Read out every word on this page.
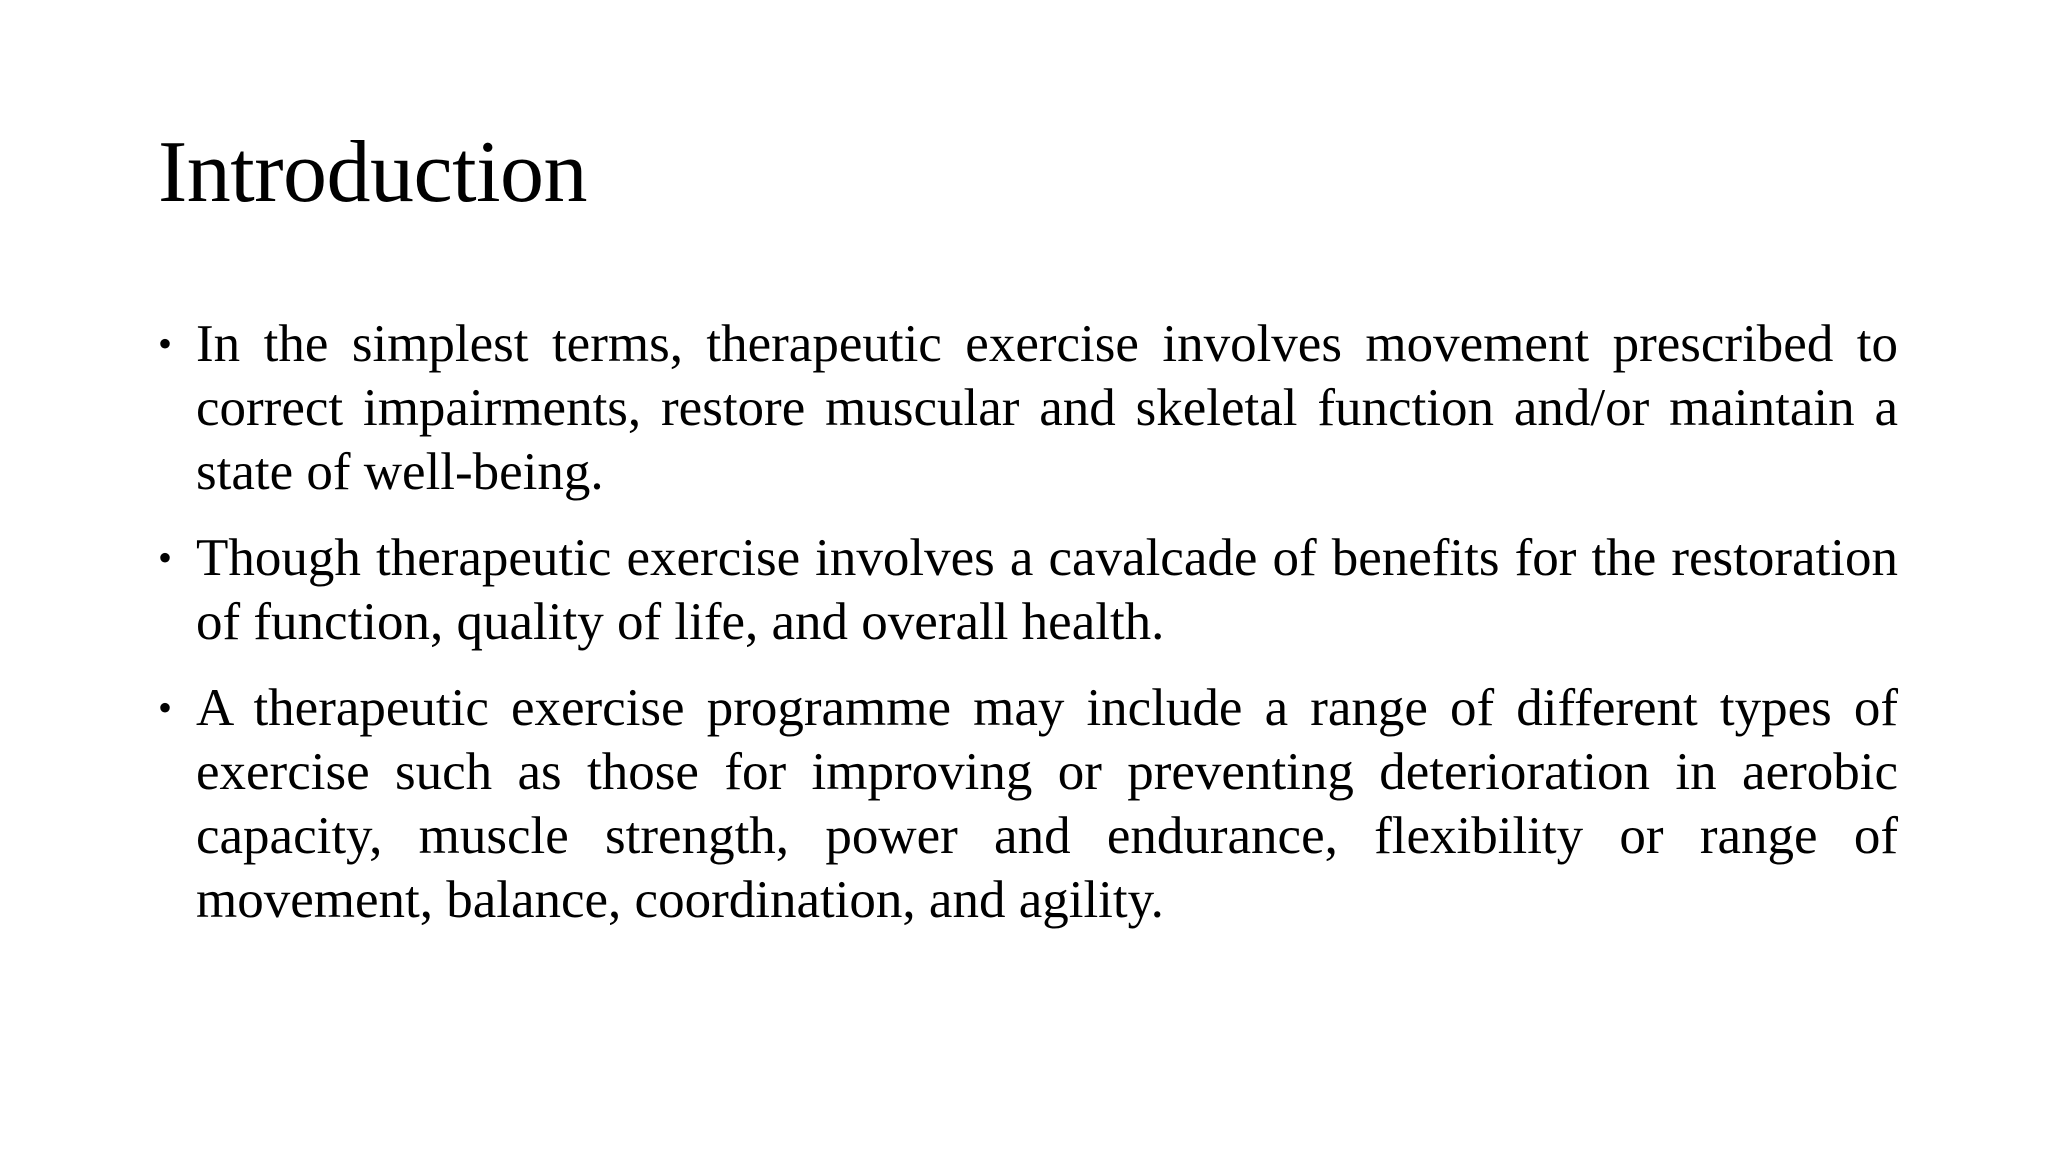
Introduction
• In the simplest terms, therapeutic exercise involves movement prescribed to correct impairments, restore muscular and skeletal function and/or maintain a state of well-being.
• Though therapeutic exercise involves a cavalcade of benefits for the restoration of function, quality of life, and overall health.
• A therapeutic exercise programme may include a range of different types of exercise such as those for improving or preventing deterioration in aerobic capacity, muscle strength, power and endurance, flexibility or range of movement, balance, coordination, and agility.
